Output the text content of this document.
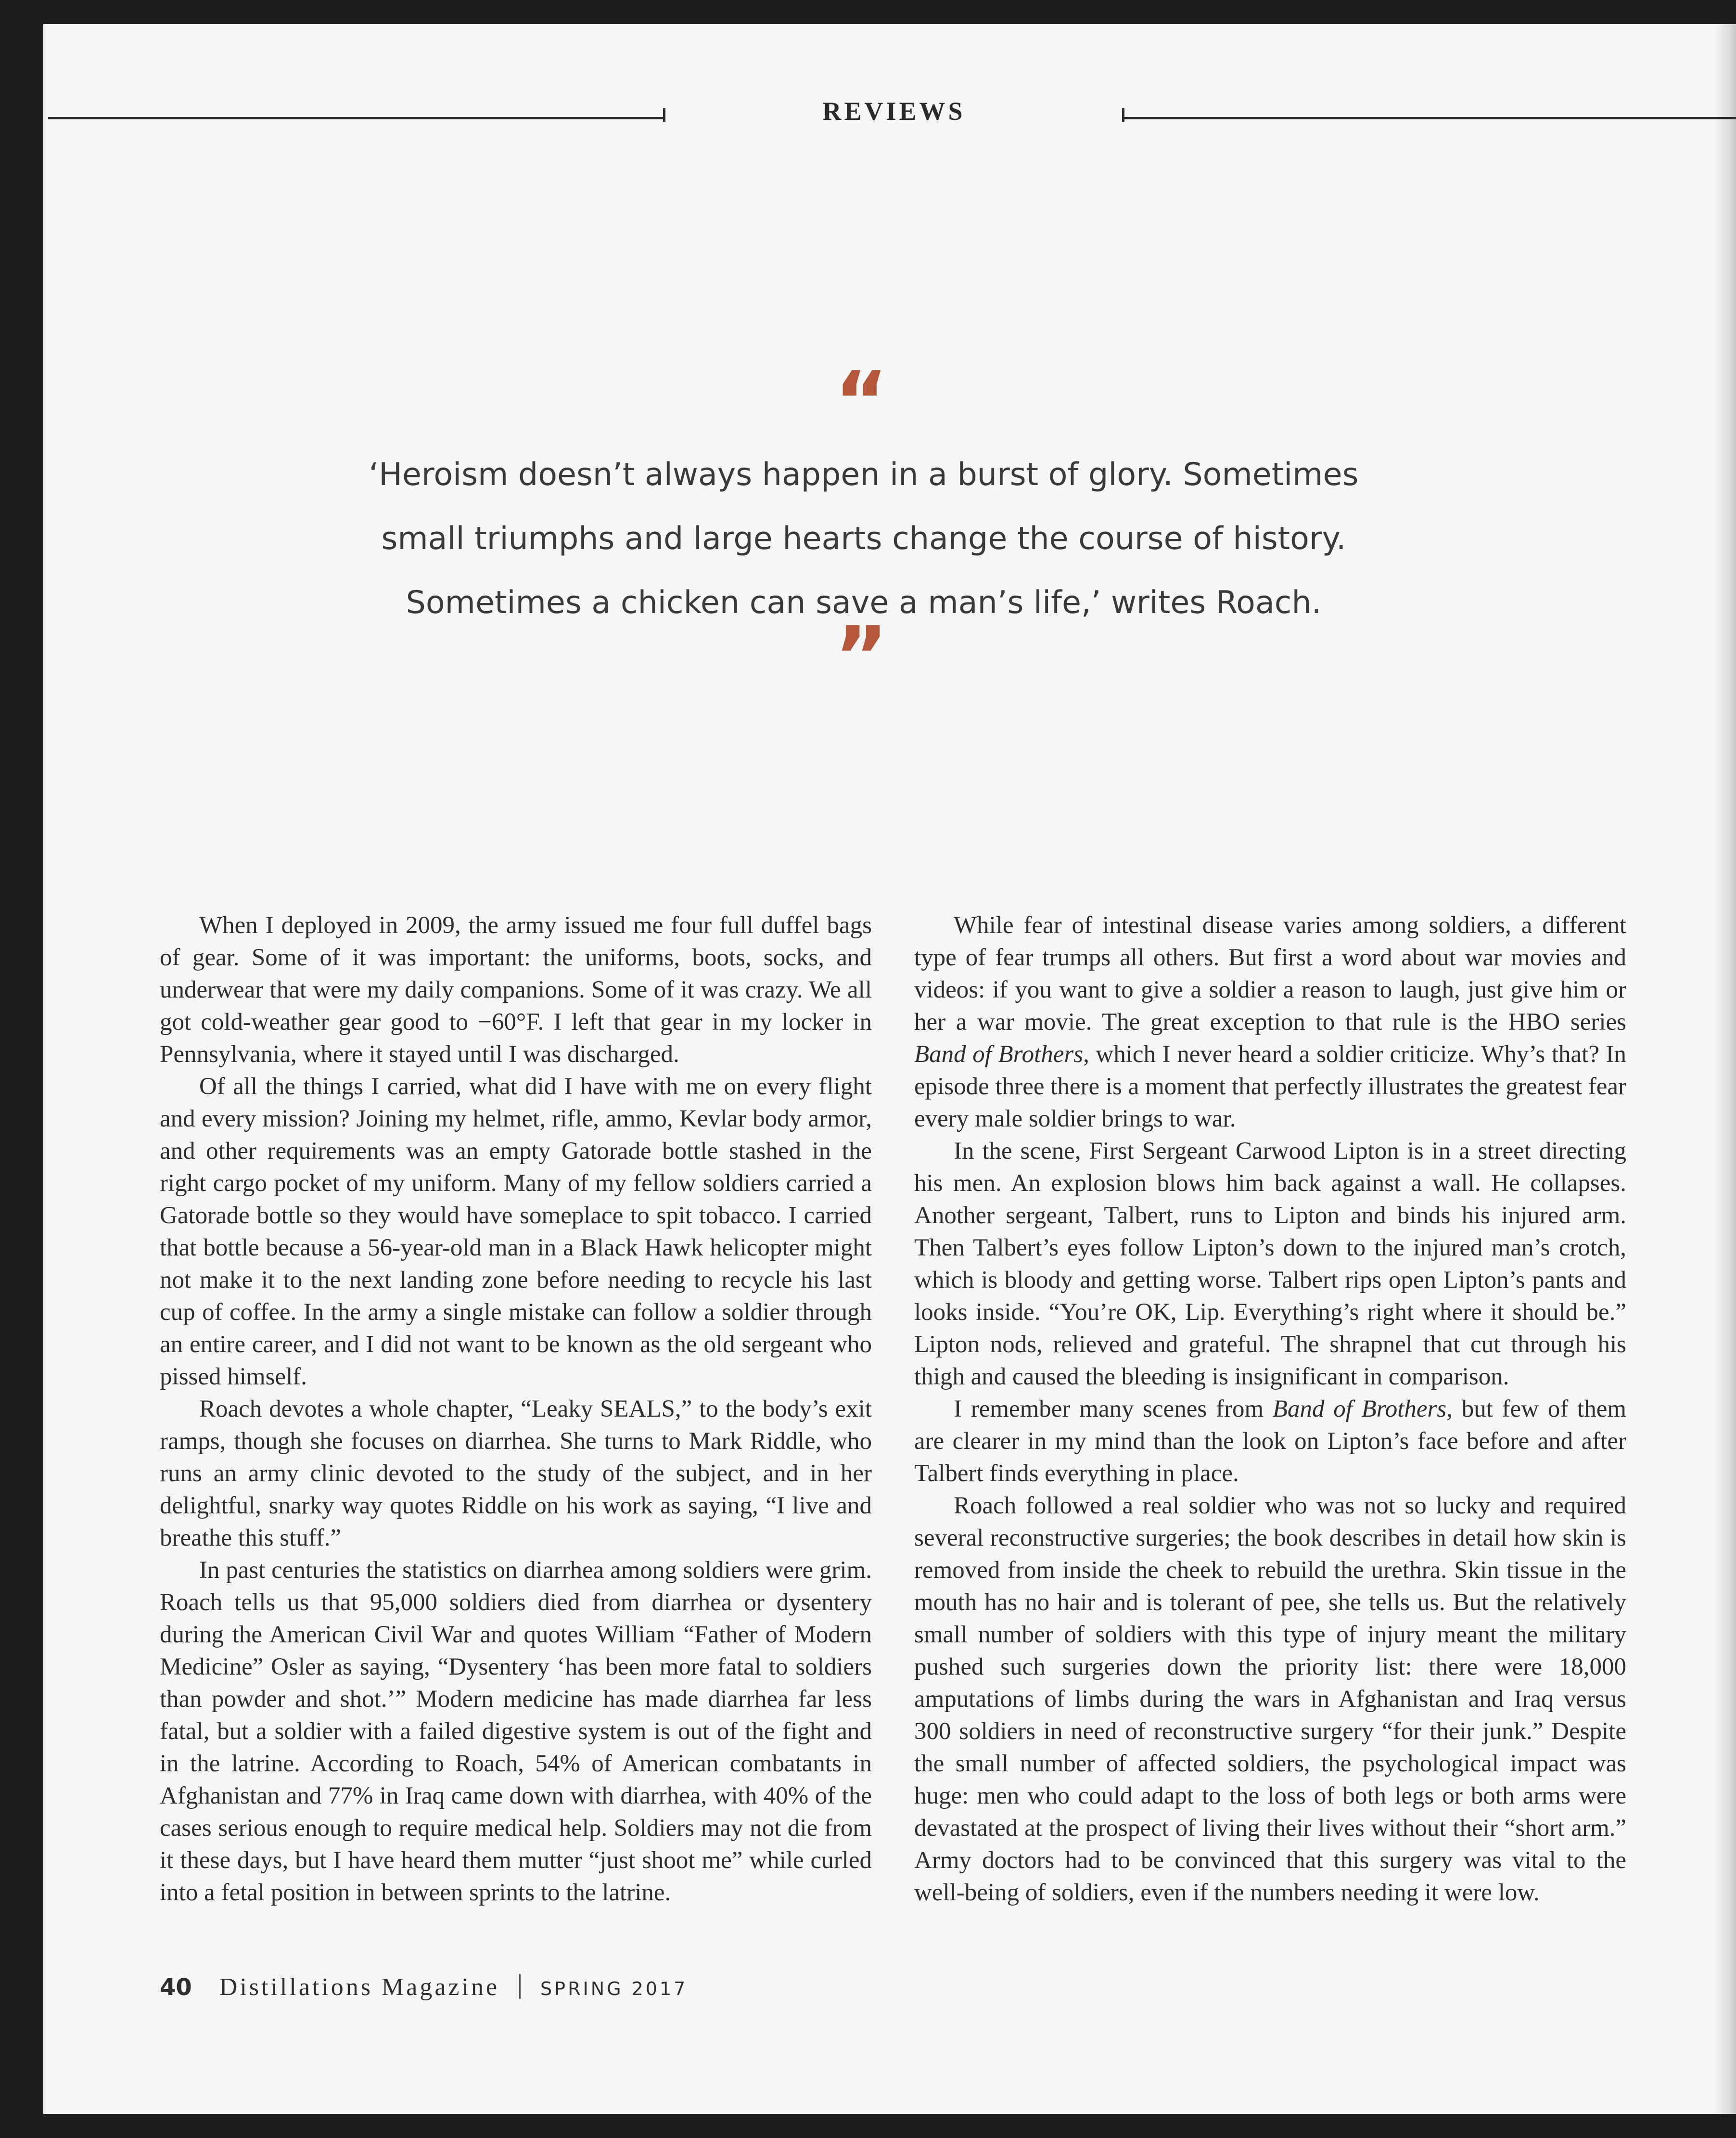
REVIEWS
“

‘Heroism doesn’t always happen in a burst of glory. Sometimes
small triumphs and large hearts change the course of history.
Sometimes a chicken can save a man’s life,’ writes Roach.

”

When I deployed in 2009, the army issued me four full duffel bags of gear. Some of it was important: the uniforms, boots, socks, and underwear that were my daily companions. Some of it was crazy. We all got cold-weather gear good to −60°F. I left that gear in my locker in Pennsylvania, where it stayed until I was discharged.

Of all the things I carried, what did I have with me on every flight and every mission? Joining my helmet, rifle, ammo, Kevlar body armor, and other requirements was an empty Gatorade bottle stashed in the right cargo pocket of my uniform. Many of my fellow soldiers carried a Gatorade bottle so they would have someplace to spit tobacco. I carried that bottle because a 56-year-old man in a Black Hawk helicopter might not make it to the next landing zone before needing to recycle his last cup of coffee. In the army a single mistake can follow a soldier through an entire career, and I did not want to be known as the old sergeant who pissed himself.

Roach devotes a whole chapter, “Leaky SEALS,” to the body’s exit ramps, though she focuses on diarrhea. She turns to Mark Riddle, who runs an army clinic devoted to the study of the subject, and in her delightful, snarky way quotes Riddle on his work as saying, “I live and breathe this stuff.”

In past centuries the statistics on diarrhea among soldiers were grim. Roach tells us that 95,000 soldiers died from diarrhea or dysentery during the American Civil War and quotes William “Father of Modern Medicine” Osler as saying, “Dysentery ‘has been more fatal to soldiers than powder and shot.’” Modern medicine has made diarrhea far less fatal, but a soldier with a failed digestive system is out of the fight and in the latrine. According to Roach, 54% of American combatants in Afghanistan and 77% in Iraq came down with diarrhea, with 40% of the cases serious enough to require medical help. Soldiers may not die from it these days, but I have heard them mutter “just shoot me” while curled into a fetal position in between sprints to the latrine.

While fear of intestinal disease varies among soldiers, a different type of fear trumps all others. But first a word about war movies and videos: if you want to give a soldier a reason to laugh, just give him or her a war movie. The great exception to that rule is the HBO series Band of Brothers, which I never heard a soldier criticize. Why’s that? In episode three there is a moment that perfectly illustrates the greatest fear every male soldier brings to war.

In the scene, First Sergeant Carwood Lipton is in a street directing his men. An explosion blows him back against a wall. He collapses. Another sergeant, Talbert, runs to Lipton and binds his injured arm. Then Talbert’s eyes follow Lipton’s down to the injured man’s crotch, which is bloody and getting worse. Talbert rips open Lipton’s pants and looks inside. “You’re OK, Lip. Everything’s right where it should be.” Lipton nods, relieved and grateful. The shrapnel that cut through his thigh and caused the bleeding is insignificant in comparison.

I remember many scenes from Band of Brothers, but few of them are clearer in my mind than the look on Lipton’s face before and after Talbert finds everything in place.

Roach followed a real soldier who was not so lucky and required several reconstructive surgeries; the book describes in detail how skin is removed from inside the cheek to rebuild the urethra. Skin tissue in the mouth has no hair and is tolerant of pee, she tells us. But the relatively small number of soldiers with this type of injury meant the military pushed such surgeries down the priority list: there were 18,000 amputations of limbs during the wars in Afghanistan and Iraq versus 300 soldiers in need of reconstructive surgery “for their junk.” Despite the small number of affected soldiers, the psychological impact was huge: men who could adapt to the loss of both legs or both arms were devastated at the prospect of living their lives without their “short arm.” Army doctors had to be convinced that this surgery was vital to the well-being of soldiers, even if the numbers needing it were low.

40 Distillations Magazine SPRING 2017
